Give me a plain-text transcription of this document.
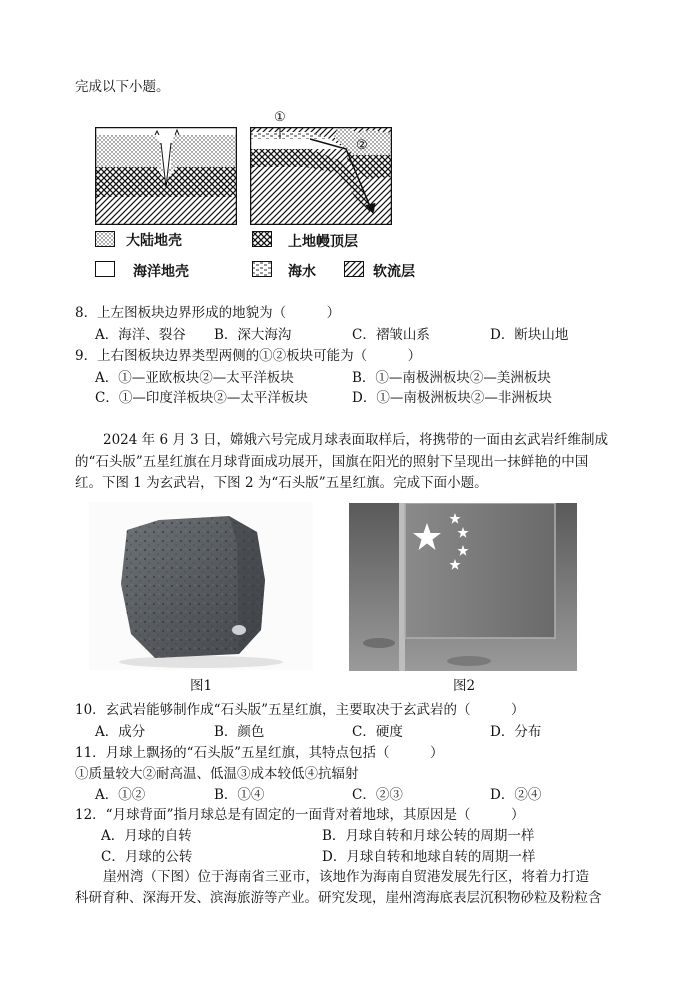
完成以下小题。
①
②
大陆地壳	上地幔顶层
海洋地壳	海水	软流层
8．上左图板块边界形成的地貌为（　　　）
A．海洋、裂谷 B．深大海沟	C．褶皱山系	D．断块山地
9．上右图板块边界类型两侧的①②板块可能为（　　　）
A．①—亚欧板块②—太平洋板块	B．①—南极洲板块②—美洲板块
C．①—印度洋板块②—太平洋板块	D．①—南极洲板块②—非洲板块
2024 年 6 月 3 日，嫦娥六号完成月球表面取样后，将携带的一面由玄武岩纤维制成
的“石头版”五星红旗在月球背面成功展开，国旗在阳光的照射下呈现出一抹鲜艳的中国
红。下图 1 为玄武岩，下图 2 为“石头版”五星红旗。完成下面小题。
图1	图2
10．玄武岩能够制作成“石头版”五星红旗，主要取决于玄武岩的（　　　）
A．成分	B．颜色	C．硬度	D．分布
11．月球上飘扬的“石头版”五星红旗，其特点包括（　　　）
①质量较大②耐高温、低温③成本较低④抗辐射
A．①②	B．①④	C．②③	D．②④
12．“月球背面”指月球总是有固定的一面背对着地球，其原因是（　　　）
A．月球的自转	B．月球自转和月球公转的周期一样
C．月球的公转	D．月球自转和地球自转的周期一样
崖州湾（下图）位于海南省三亚市，该地作为海南自贸港发展先行区，将着力打造
科研育种、深海开发、滨海旅游等产业。研究发现，崖州湾海底表层沉积物砂粒及粉粒含
